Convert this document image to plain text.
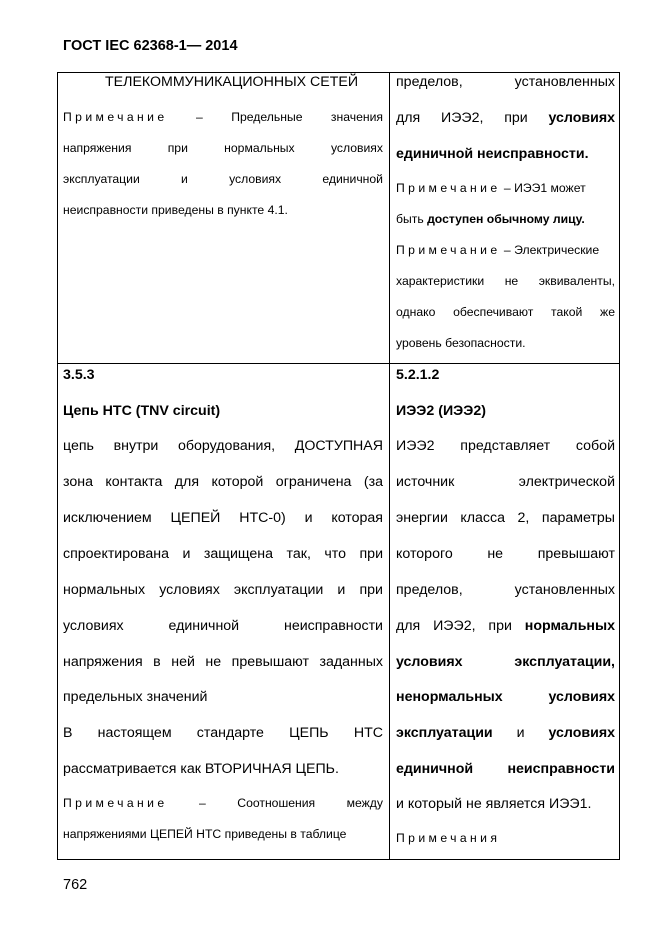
ГОСТ IEC 62368-1— 2014
ТЕЛЕКОММУНИКАЦИОННЫХ СЕТЕЙ
Примечание – Предельные значения
напряжения при нормальных условиях
эксплуатации и условиях единичной
неисправности приведены в пункте 4.1.
пределов, установленных
для ИЭЭ2, при условиях
единичной неисправности.
Примечание – ИЭЭ1 может
быть доступен обычному лицу.
Примечание – Электрические
характеристики не эквиваленты,
однако обеспечивают такой же
уровень безопасности.
3.5.3
Цепь НТС (TNV circuit)
цепь внутри оборудования, ДОСТУПНАЯ
зона контакта для которой ограничена (за
исключением ЦЕПЕЙ НТС-0) и которая
спроектирована и защищена так, что при
нормальных условиях эксплуатации и при
условиях единичной неисправности
напряжения в ней не превышают заданных
предельных значений
В настоящем стандарте ЦЕПЬ НТС
рассматривается как ВТОРИЧНАЯ ЦЕПЬ.
Примечание	– Соотношения между
напряжениями ЦЕПЕЙ НТС приведены в таблице
5.2.1.2
ИЭЭ2 (ИЭЭ2)
ИЭЭ2 представляет собой
источник электрической
энергии класса 2, параметры
которого не превышают
пределов, установленных
для ИЭЭ2, при нормальных
условиях эксплуатации,
ненормальных условиях
эксплуатации и условиях
единичной неисправности
и который не является ИЭЭ1.
Примечания
762
